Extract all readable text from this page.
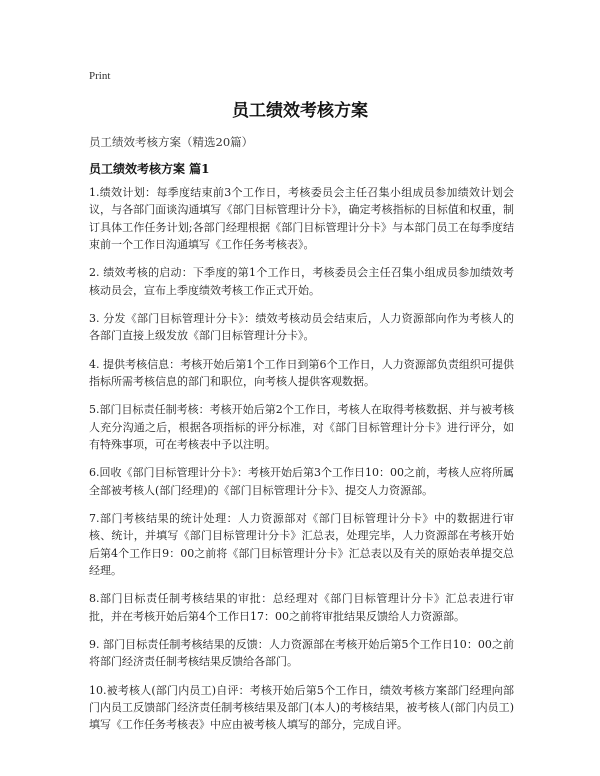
Print
员工绩效考核方案
员工绩效考核方案（精选20篇）
员工绩效考核方案 篇1

1.绩效计划：每季度结束前3个工作日，考核委员会主任召集小组成员参加绩效计划会议，与各部门面谈沟通填写《部门目标管理计分卡》，确定考核指标的目标值和权重，制订具体工作任务计划;各部门经理根据《部门目标管理计分卡》与本部门员工在每季度结束前一个工作日沟通填写《工作任务考核表》。

2. 绩效考核的启动：下季度的第1个工作日，考核委员会主任召集小组成员参加绩效考核动员会，宣布上季度绩效考核工作正式开始。

3. 分发《部门目标管理计分卡》：绩效考核动员会结束后，人力资源部向作为考核人的各部门直接上级发放《部门目标管理计分卡》。

4. 提供考核信息：考核开始后第1个工作日到第6个工作日，人力资源部负责组织可提供指标所需考核信息的部门和职位，向考核人提供客观数据。

5.部门目标责任制考核：考核开始后第2个工作日，考核人在取得考核数据、并与被考核人充分沟通之后，根据各项指标的评分标准，对《部门目标管理计分卡》进行评分，如有特殊事项，可在考核表中予以注明。

6.回收《部门目标管理计分卡》：考核开始后第3个工作日10：00之前，考核人应将所属全部被考核人(部门经理)的《部门目标管理计分卡》、提交人力资源部。

7.部门考核结果的统计处理：人力资源部对《部门目标管理计分卡》中的数据进行审核、统计，并填写《部门目标管理计分卡》汇总表，处理完毕，人力资源部在考核开始后第4个工作日9：00之前将《部门目标管理计分卡》汇总表以及有关的原始表单提交总经理。

8.部门目标责任制考核结果的审批：总经理对《部门目标管理计分卡》汇总表进行审批，并在考核开始后第4个工作日17：00之前将审批结果反馈给人力资源部。

9. 部门目标责任制考核结果的反馈：人力资源部在考核开始后第5个工作日10：00之前将部门经济责任制考核结果反馈给各部门。

10.被考核人(部门内员工)自评：考核开始后第5个工作日，绩效考核方案部门经理向部门内员工反馈部门经济责任制考核结果及部门(本人)的考核结果，被考核人(部门内员工)填写《工作任务考核表》中应由被考核人填写的部分，完成自评。
